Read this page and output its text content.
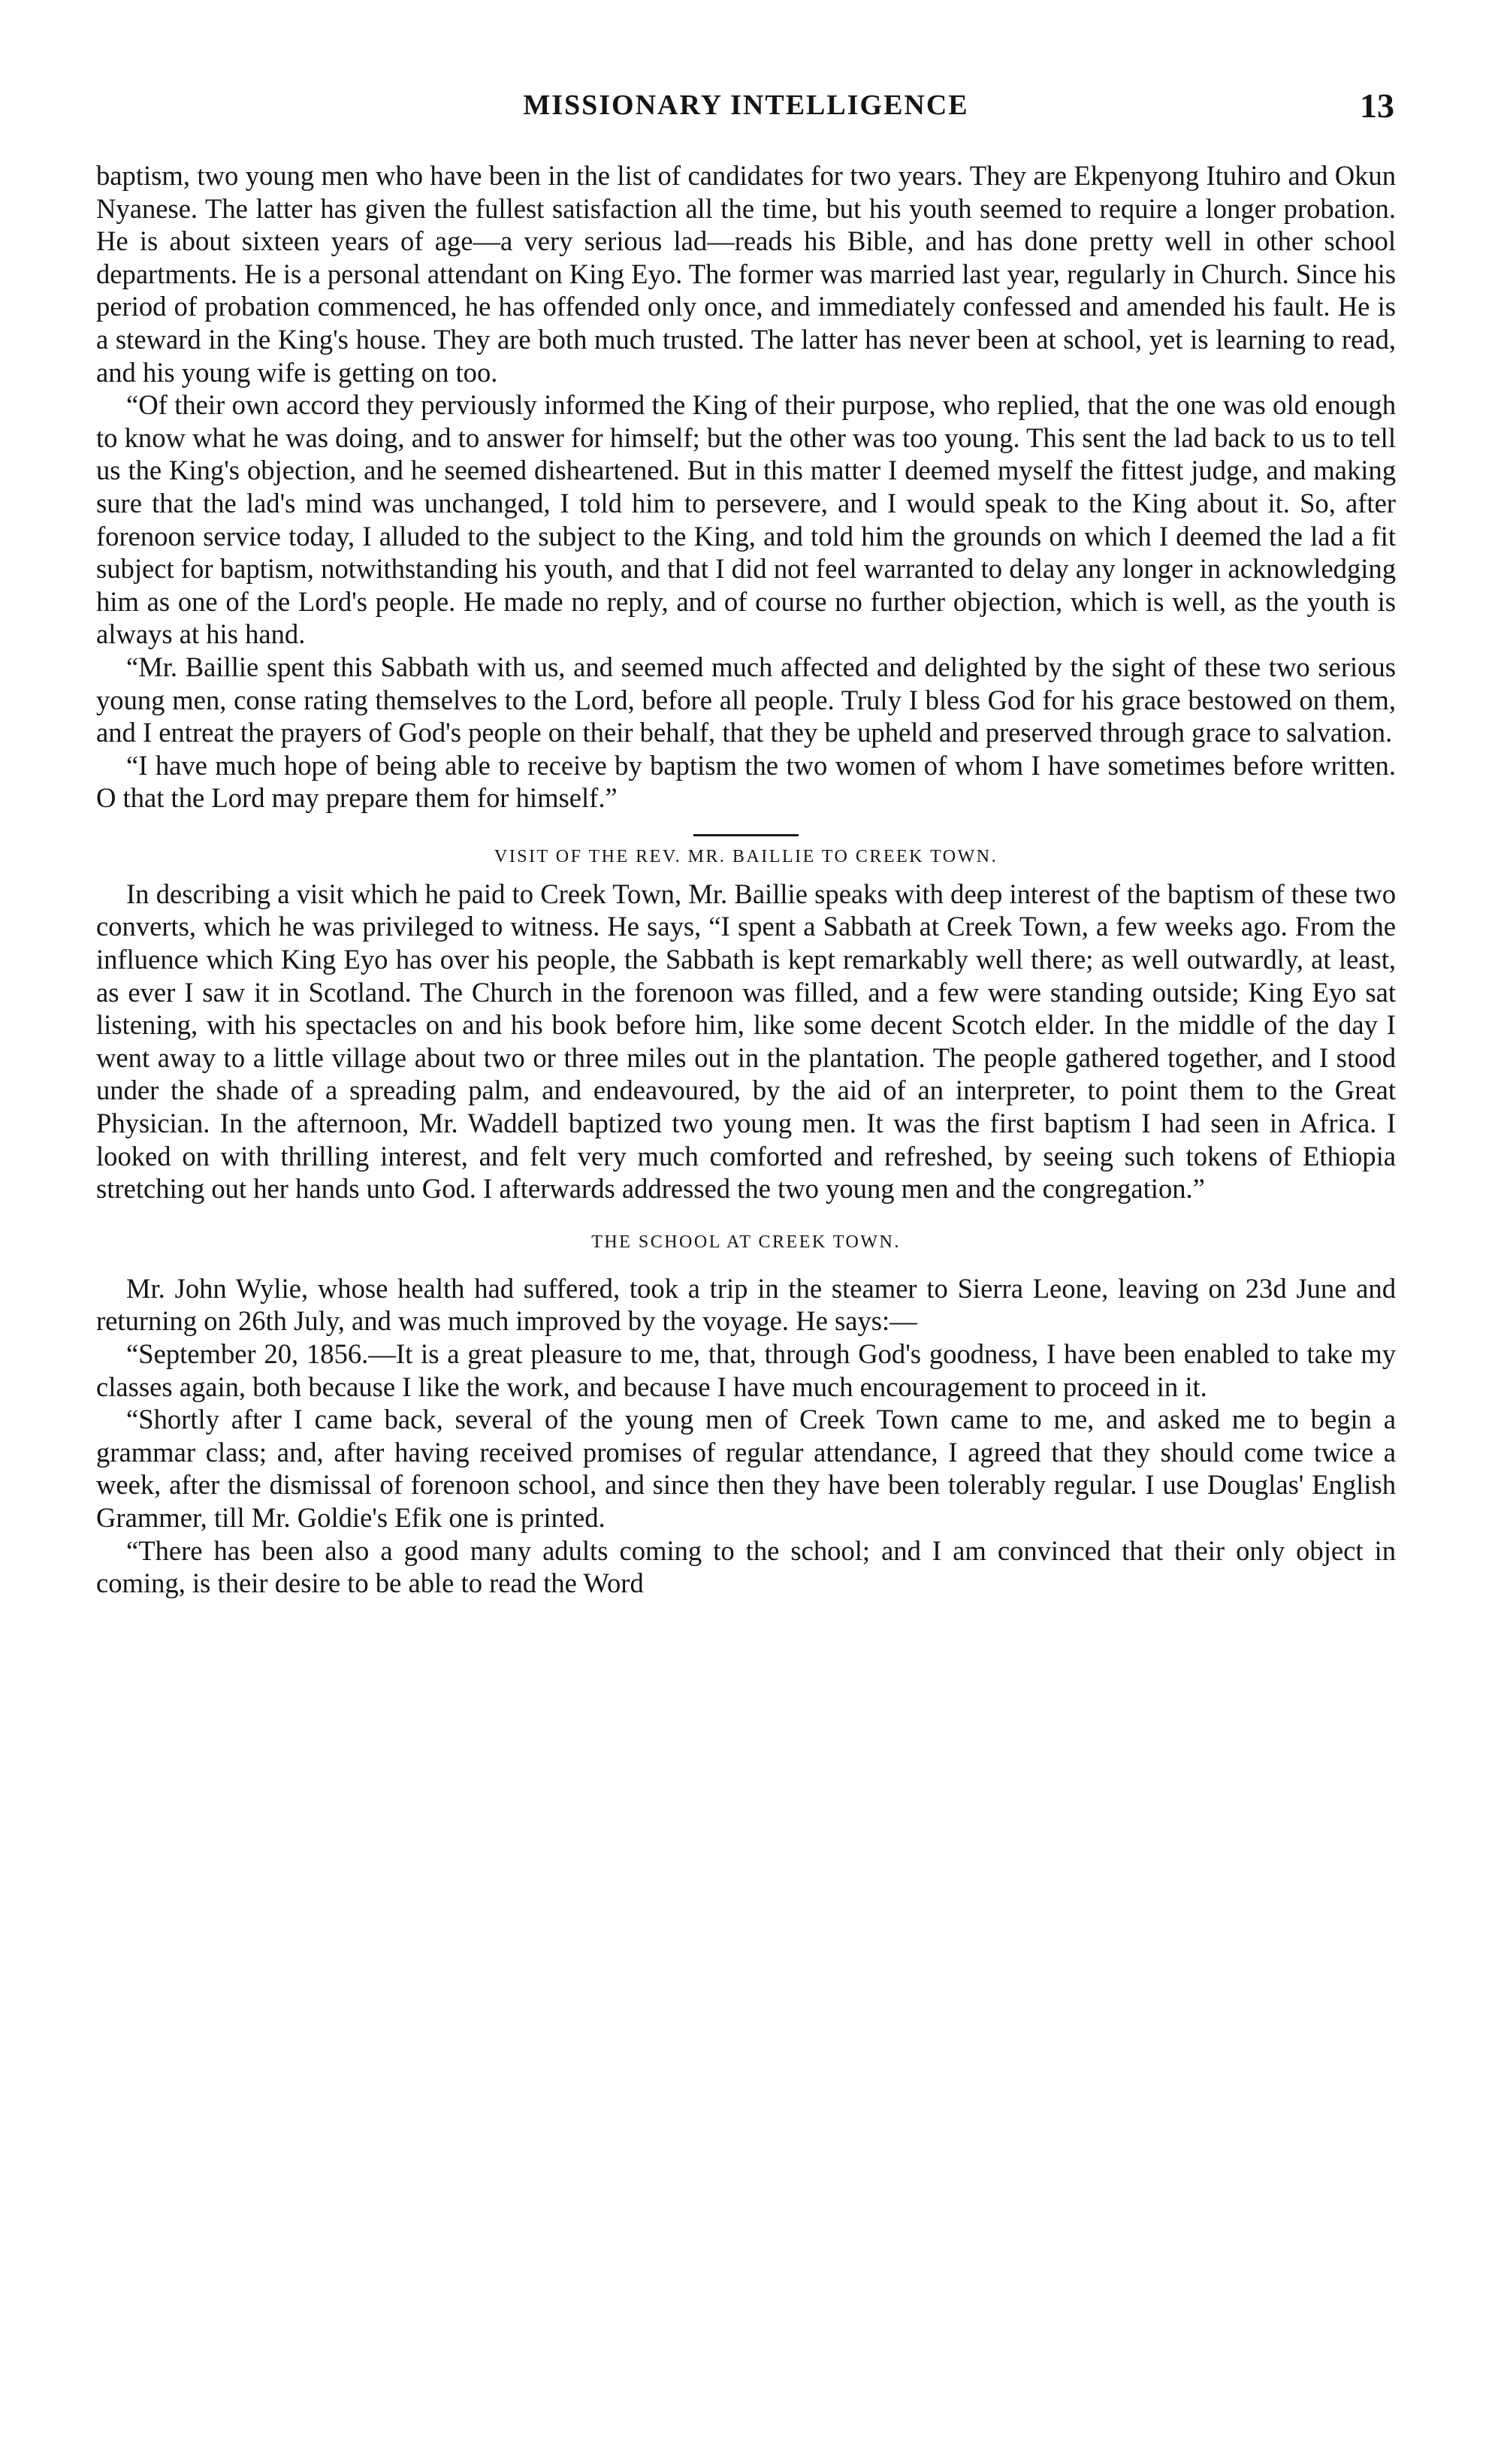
MISSIONARY INTELLIGENCE	13

baptism, two young men who have been in the list of candidates for two years. They are Ekpenyong Ituhiro and Okun Nyanese. The latter has given the fullest satisfaction all the time, but his youth seemed to require a longer probation. He is about sixteen years of age—a very serious lad—reads his Bible, and has done pretty well in other school departments. He is a personal attendant on King Eyo. The former was married last year, regularly in Church. Since his period of probation commenced, he has offended only once, and immediately confessed and amended his fault. He is a steward in the King's house. They are both much trusted. The latter has never been at school, yet is learning to read, and his young wife is getting on too.

“Of their own accord they perviously informed the King of their purpose, who replied, that the one was old enough to know what he was doing, and to answer for himself; but the other was too young. This sent the lad back to us to tell us the King's objection, and he seemed disheartened. But in this matter I deemed myself the fittest judge, and making sure that the lad's mind was unchanged, I told him to persevere, and I would speak to the King about it. So, after forenoon service today, I alluded to the subject to the King, and told him the grounds on which I deemed the lad a fit subject for baptism, notwithstanding his youth, and that I did not feel warranted to delay any longer in acknowledging him as one of the Lord's people. He made no reply, and of course no further objection, which is well, as the youth is always at his hand.

“Mr. Baillie spent this Sabbath with us, and seemed much affected and delighted by the sight of these two serious young men, conse rating themselves to the Lord, before all people. Truly I bless God for his grace bestowed on them, and I entreat the prayers of God's people on their behalf, that they be upheld and preserved through grace to salvation.

“I have much hope of being able to receive by baptism the two women of whom I have sometimes before written. O that the Lord may prepare them for himself.”

VISIT OF THE REV. MR. BAILLIE TO CREEK TOWN.

In describing a visit which he paid to Creek Town, Mr. Baillie speaks with deep interest of the baptism of these two converts, which he was privileged to witness. He says, “I spent a Sabbath at Creek Town, a few weeks ago. From the influence which King Eyo has over his people, the Sabbath is kept remarkably well there; as well outwardly, at least, as ever I saw it in Scotland. The Church in the forenoon was filled, and a few were standing outside; King Eyo sat listening, with his spectacles on and his book before him, like some decent Scotch elder. In the middle of the day I went away to a little village about two or three miles out in the plantation. The people gathered together, and I stood under the shade of a spreading palm, and endeavoured, by the aid of an interpreter, to point them to the Great Physician. In the afternoon, Mr. Waddell baptized two young men. It was the first baptism I had seen in Africa. I looked on with thrilling interest, and felt very much comforted and refreshed, by seeing such tokens of Ethiopia stretching out her hands unto God. I afterwards addressed the two young men and the congregation.”

THE SCHOOL AT CREEK TOWN.

Mr. John Wylie, whose health had suffered, took a trip in the steamer to Sierra Leone, leaving on 23d June and returning on 26th July, and was much improved by the voyage. He says:—

“September 20, 1856.—It is a great pleasure to me, that, through God's goodness, I have been enabled to take my classes again, both because I like the work, and because I have much encouragement to proceed in it.

“Shortly after I came back, several of the young men of Creek Town came to me, and asked me to begin a grammar class; and, after having received promises of regular attendance, I agreed that they should come twice a week, after the dismissal of forenoon school, and since then they have been tolerably regular. I use Douglas' English Grammer, till Mr. Goldie's Efik one is printed.

“There has been also a good many adults coming to the school; and I am convinced that their only object in coming, is their desire to be able to read the Word
